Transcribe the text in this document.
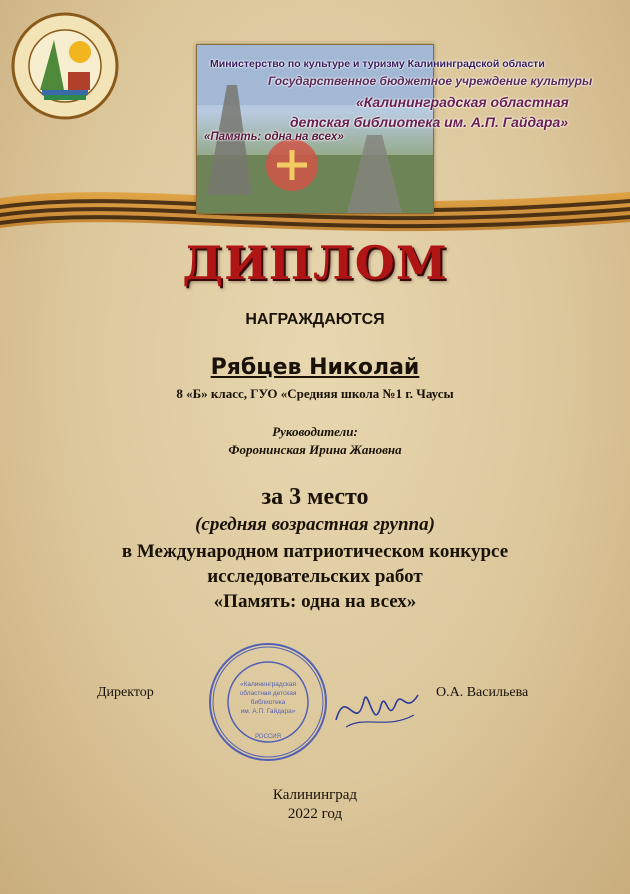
Министерство по культуре и туризму Калининградской области
Государственное бюджетное учреждение культуры
«Калининградская областная
детская библиотека им. А.П. Гайдара»
«Память: одна на всех»
ДИПЛОМ
НАГРАЖДАЮТСЯ
Рябцев Николай
8 «Б» класс, ГУО «Средняя школа №1 г. Чаусы
Руководители:
Форонинская Ирина Жановна
за 3 место
(средняя возрастная группа)
в Международном патриотическом конкурсе
исследовательских работ
«Память: одна на всех»
Директор	О.А. Васильева
«Калининградская
областная детская
библиотека
им. А.П. Гайдара»
РОССИЯ
Калининград
2022 год
